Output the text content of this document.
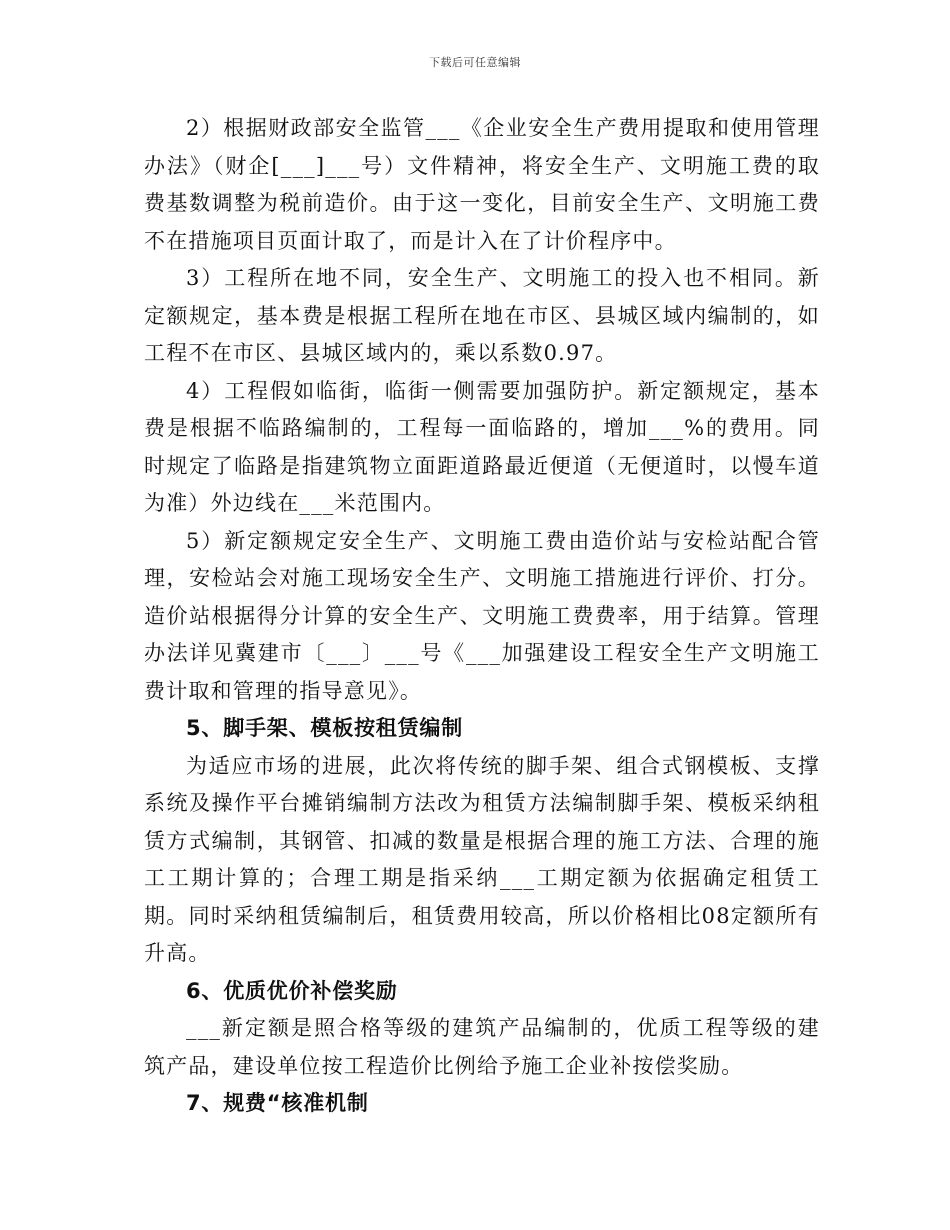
下载后可任意编辑

2）根据财政部安全监管___《企业安全生产费用提取和使用管理办法》（财企[___]___号）文件精神，将安全生产、文明施工费的取费基数调整为税前造价。由于这一变化，目前安全生产、文明施工费不在措施项目页面计取了，而是计入在了计价程序中。

3）工程所在地不同，安全生产、文明施工的投入也不相同。新定额规定，基本费是根据工程所在地在市区、县城区域内编制的，如工程不在市区、县城区域内的，乘以系数0.97。

4）工程假如临街，临街一侧需要加强防护。新定额规定，基本费是根据不临路编制的，工程每一面临路的，增加___%的费用。同时规定了临路是指建筑物立面距道路最近便道（无便道时，以慢车道为准）外边线在___米范围内。

5）新定额规定安全生产、文明施工费由造价站与安检站配合管理，安检站会对施工现场安全生产、文明施工措施进行评价、打分。造价站根据得分计算的安全生产、文明施工费费率，用于结算。管理办法详见冀建市〔___〕___号《___加强建设工程安全生产文明施工费计取和管理的指导意见》。

5、脚手架、模板按租赁编制

为适应市场的进展，此次将传统的脚手架、组合式钢模板、支撑系统及操作平台摊销编制方法改为租赁方法编制脚手架、模板采纳租赁方式编制，其钢管、扣减的数量是根据合理的施工方法、合理的施工工期计算的；合理工期是指采纳___工期定额为依据确定租赁工期。同时采纳租赁编制后，租赁费用较高，所以价格相比08定额所有升高。

6、优质优价补偿奖励

___新定额是照合格等级的建筑产品编制的，优质工程等级的建筑产品，建设单位按工程造价比例给予施工企业补按偿奖励。

7、规费“核准机制
